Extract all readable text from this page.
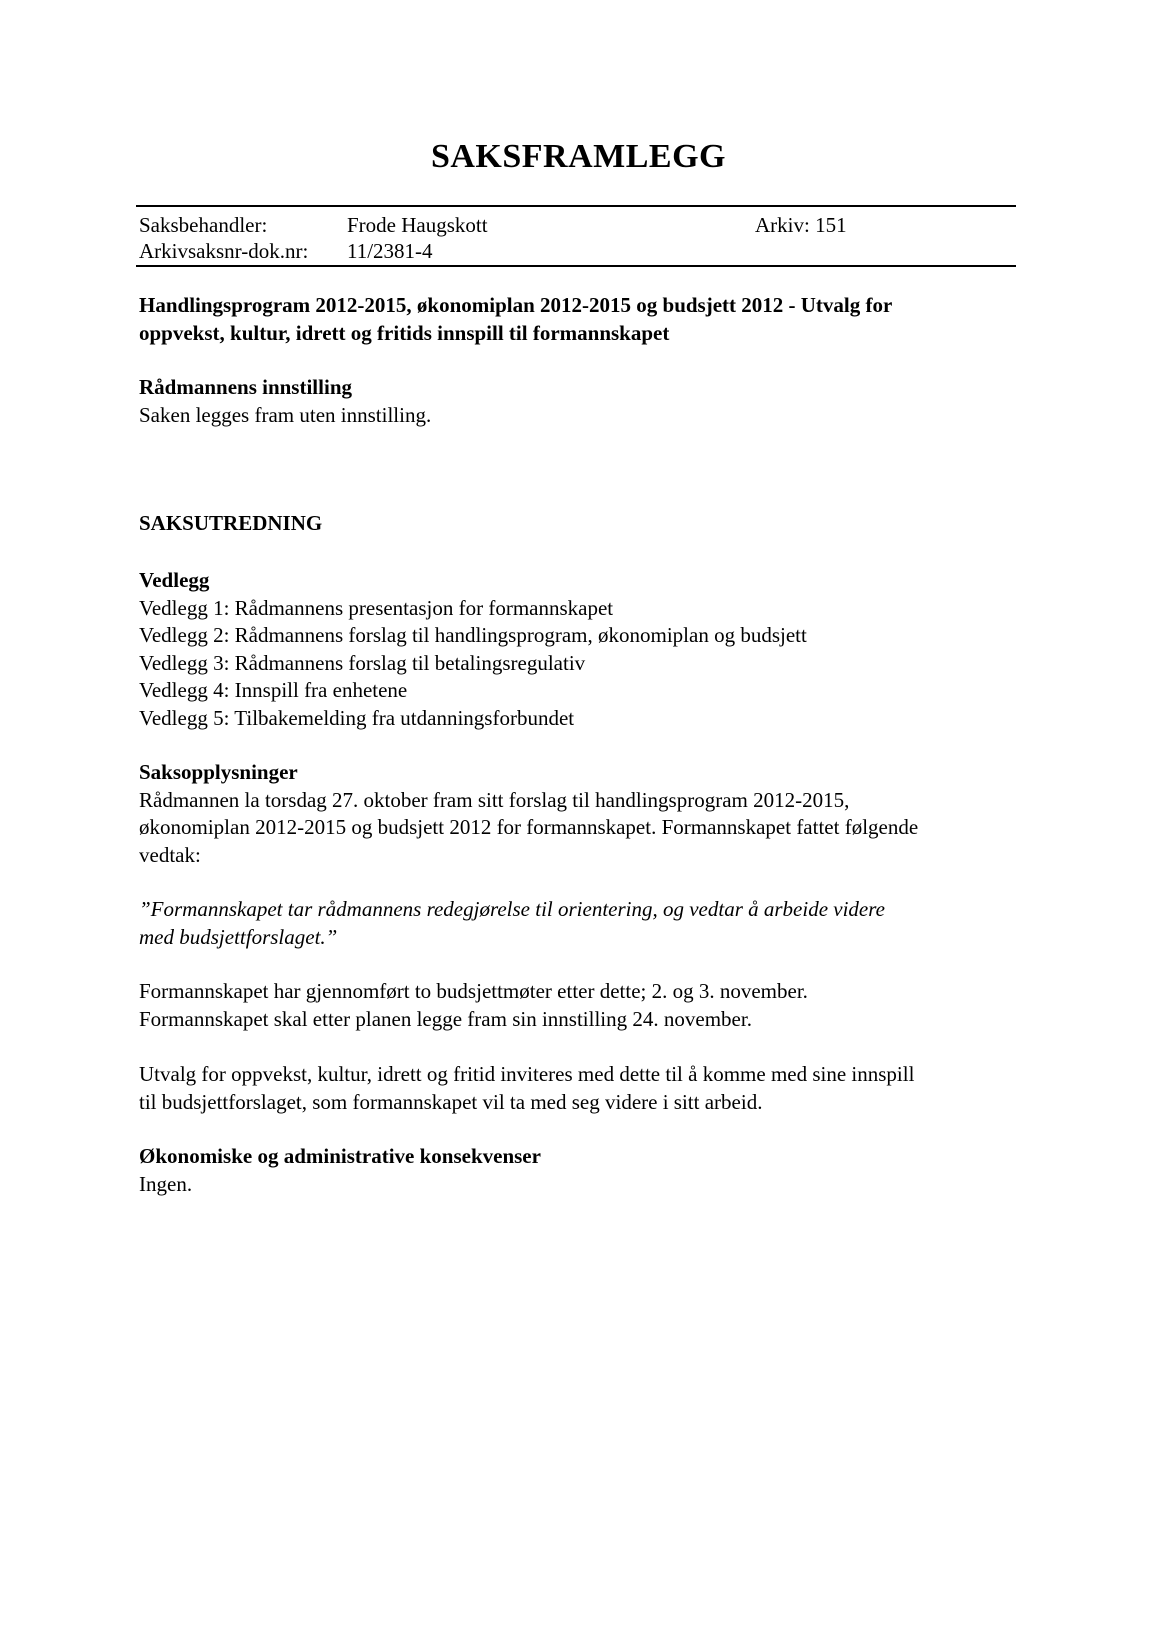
SAKSFRAMLEGG
Saksbehandler:	Frode Haugskott	Arkiv: 151
Arkivsaksnr-dok.nr: 11/2381-4
Handlingsprogram 2012-2015, økonomiplan 2012-2015 og budsjett 2012 - Utvalg for
oppvekst, kultur, idrett og fritids innspill til formannskapet
Rådmannens innstilling
Saken legges fram uten innstilling.
SAKSUTREDNING
Vedlegg
Vedlegg 1: Rådmannens presentasjon for formannskapet
Vedlegg 2: Rådmannens forslag til handlingsprogram, økonomiplan og budsjett
Vedlegg 3: Rådmannens forslag til betalingsregulativ
Vedlegg 4: Innspill fra enhetene
Vedlegg 5: Tilbakemelding fra utdanningsforbundet
Saksopplysninger
Rådmannen la torsdag 27. oktober fram sitt forslag til handlingsprogram 2012-2015,
økonomiplan 2012-2015 og budsjett 2012 for formannskapet. Formannskapet fattet følgende
vedtak:
”Formannskapet tar rådmannens redegjørelse til orientering, og vedtar å arbeide videre
med budsjettforslaget.”
Formannskapet har gjennomført to budsjettmøter etter dette; 2. og 3. november.
Formannskapet skal etter planen legge fram sin innstilling 24. november.
Utvalg for oppvekst, kultur, idrett og fritid inviteres med dette til å komme med sine innspill
til budsjettforslaget, som formannskapet vil ta med seg videre i sitt arbeid.
Økonomiske og administrative konsekvenser
Ingen.
